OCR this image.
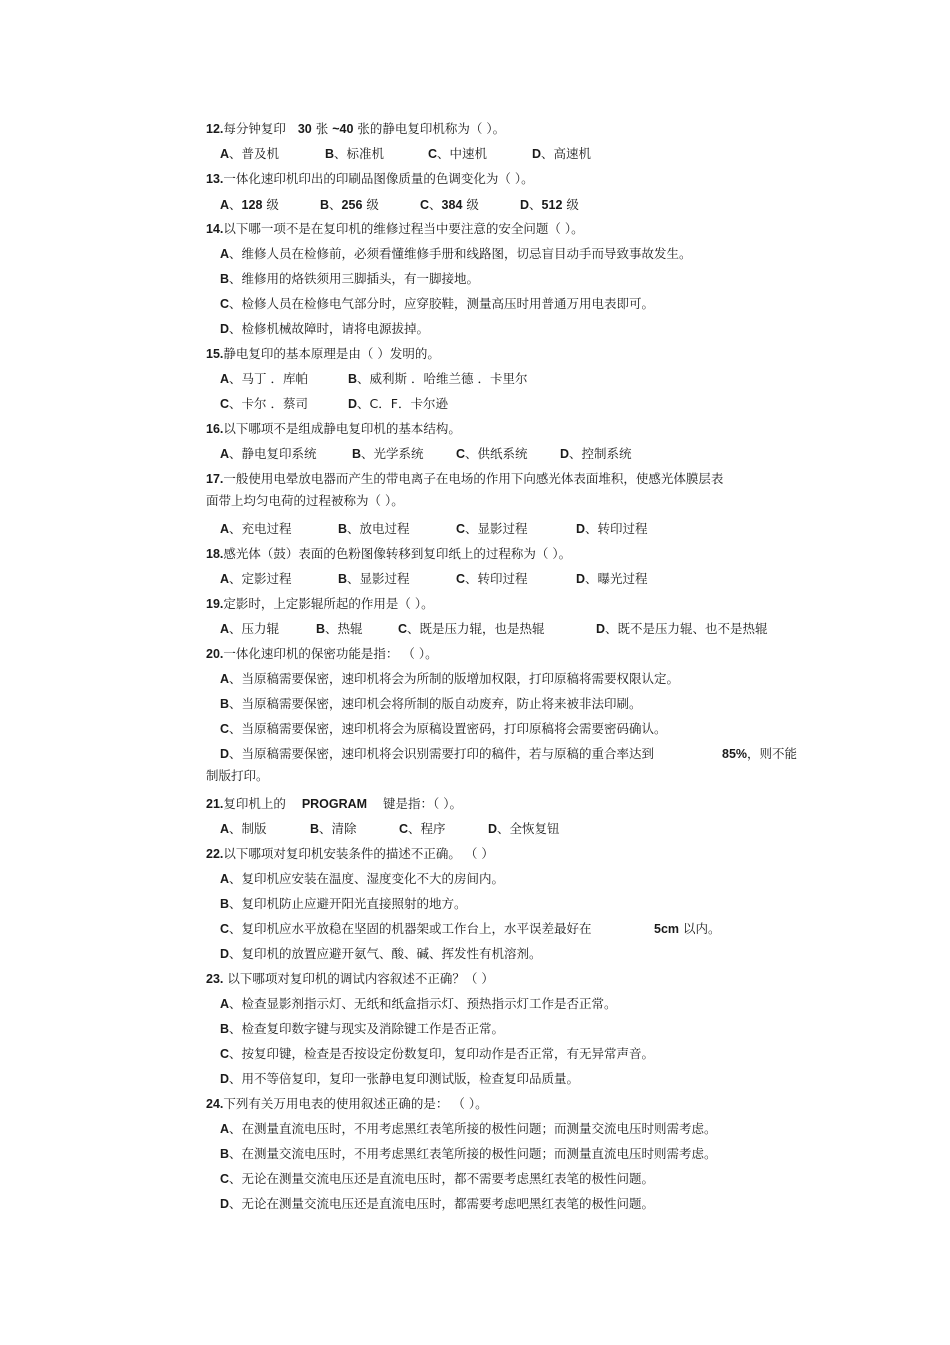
12.每分钟复印 30 张 ~40 张的静电复印机称为（ ）。
A、普及机	B、标准机	C、中速机	D、高速机
13.一体化速印机印出的印刷品图像质量的色调变化为（ ）。
A、128 级	B、256 级	C、384 级	D、512 级
14.以下哪一项不是在复印机的维修过程当中要注意的安全问题（ ）。
A、维修人员在检修前，必须看懂维修手册和线路图，切忌盲目动手而导致事故发生。
B、维修用的烙铁须用三脚插头，有一脚接地。
C、检修人员在检修电气部分时，应穿胶鞋，测量高压时用普通万用电表即可。
D、检修机械故障时，请将电源拔掉。
15.静电复印的基本原理是由（ ）发明的。
A、马丁 ．库帕	B、威利斯 ．哈维兰德 ．卡里尔
C、卡尔 ．蔡司	D、C．F．卡尔逊
16.以下哪项不是组成静电复印机的基本结构。
A、静电复印系统	B、光学系统	C、供纸系统	D、控制系统
17.一般使用电晕放电器而产生的带电离子在电场的作用下向感光体表面堆积，使感光体膜层表
面带上均匀电荷的过程被称为（ ）。
A、充电过程	B、放电过程	C、显影过程	D、转印过程
18.感光体（鼓）表面的色粉图像转移到复印纸上的过程称为（ ）。
A、定影过程	B、显影过程	C、转印过程	D、曝光过程
19.定影时，上定影辊所起的作用是（ ）。
A、压力辊	B、热辊	C、既是压力辊，也是热辊	D、既不是压力辊、也不是热辊
20.一体化速印机的保密功能是指： （ ）。
A、当原稿需要保密，速印机将会为所制的版增加权限，打印原稿将需要权限认定。
B、当原稿需要保密，速印机会将所制的版自动废弃，防止将来被非法印刷。
C、当原稿需要保密，速印机将会为原稿设置密码，打印原稿将会需要密码确认。
D、当原稿需要保密，速印机将会识别需要打印的稿件，若与原稿的重合率达到	85%，则不能
制版打印。
21.复印机上的 PROGRAM 键是指：（ ）。
A、制版	B、清除	C、程序	D、全恢复钮
22.以下哪项对复印机安装条件的描述不正确。 （ ）
A、复印机应安装在温度、湿度变化不大的房间内。
B、复印机防止应避开阳光直接照射的地方。
C、复印机应水平放稳在坚固的机器架或工作台上，水平误差最好在	5cm 以内。
D、复印机的放置应避开氨气、酸、碱、挥发性有机溶剂。
23. 以下哪项对复印机的调试内容叙述不正确？（ ）
A、检查显影剂指示灯、无纸和纸盒指示灯、预热指示灯工作是否正常。
B、检查复印数字键与现实及消除键工作是否正常。
C、按复印键，检查是否按设定份数复印，复印动作是否正常，有无异常声音。
D、用不等倍复印，复印一张静电复印测试版，检查复印品质量。
24.下列有关万用电表的使用叙述正确的是： （ ）。
A、在测量直流电压时，不用考虑黑红表笔所接的极性问题；而测量交流电压时则需考虑。
B、在测量交流电压时，不用考虑黑红表笔所接的极性问题；而测量直流电压时则需考虑。
C、无论在测量交流电压还是直流电压时，都不需要考虑黑红表笔的极性问题。
D、无论在测量交流电压还是直流电压时，都需要考虑吧黑红表笔的极性问题。
